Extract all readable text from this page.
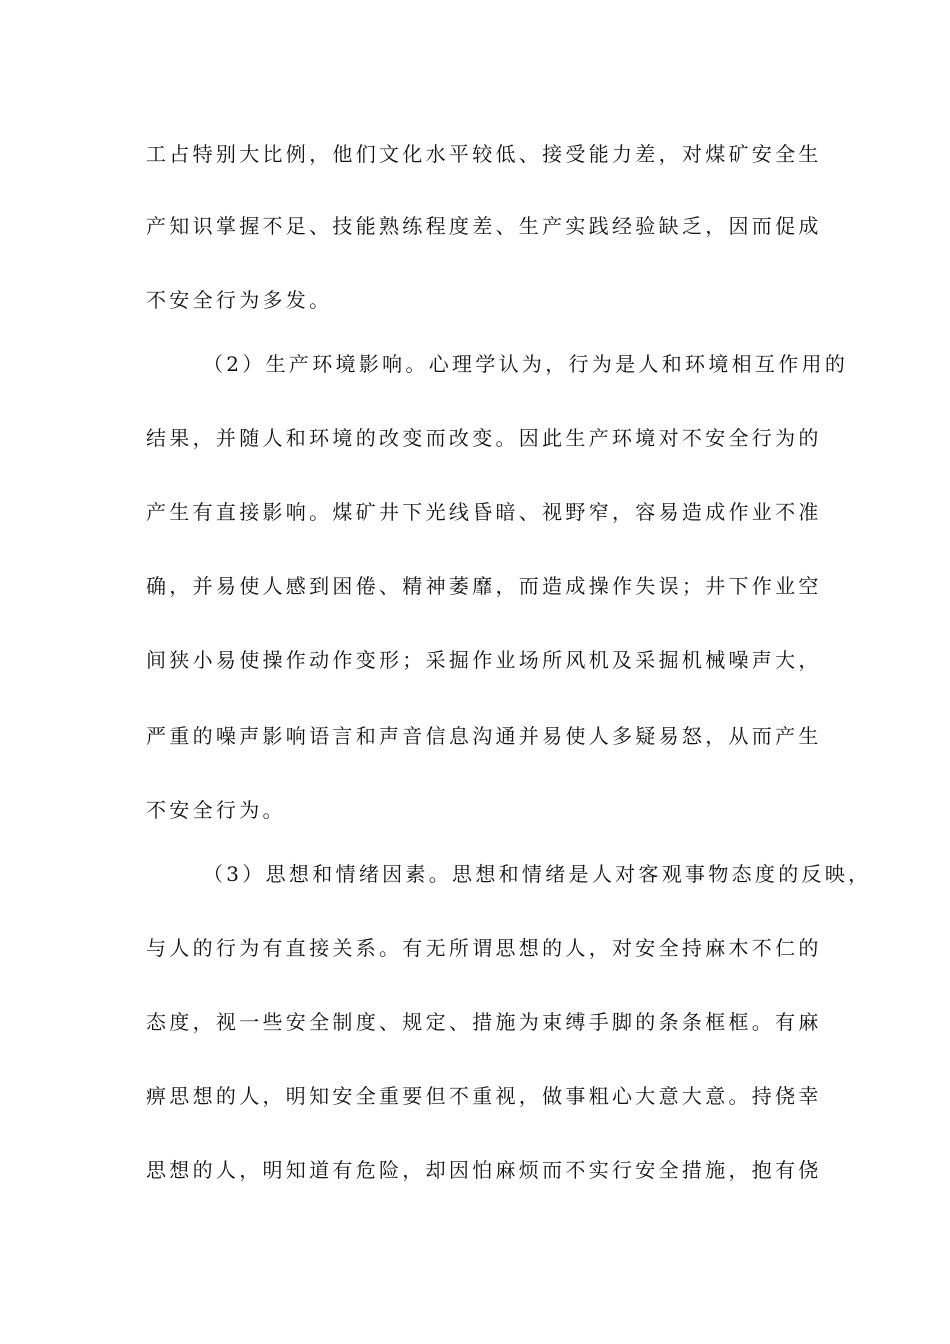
工占特别大比例，他们文化水平较低、接受能力差，对煤矿安全生
产知识掌握不足、技能熟练程度差、生产实践经验缺乏，因而促成
不安全行为多发。
（2）生产环境影响。心理学认为，行为是人和环境相互作用的
结果，并随人和环境的改变而改变。因此生产环境对不安全行为的
产生有直接影响。煤矿井下光线昏暗、视野窄，容易造成作业不准
确，并易使人感到困倦、精神萎靡，而造成操作失误；井下作业空
间狭小易使操作动作变形；采掘作业场所风机及采掘机械噪声大，
严重的噪声影响语言和声音信息沟通并易使人多疑易怒，从而产生
不安全行为。
（3）思想和情绪因素。思想和情绪是人对客观事物态度的反映，
与人的行为有直接关系。有无所谓思想的人，对安全持麻木不仁的
态度，视一些安全制度、规定、措施为束缚手脚的条条框框。有麻
痹思想的人，明知安全重要但不重视，做事粗心大意大意。持侥幸
思想的人，明知道有危险，却因怕麻烦而不实行安全措施，抱有侥
